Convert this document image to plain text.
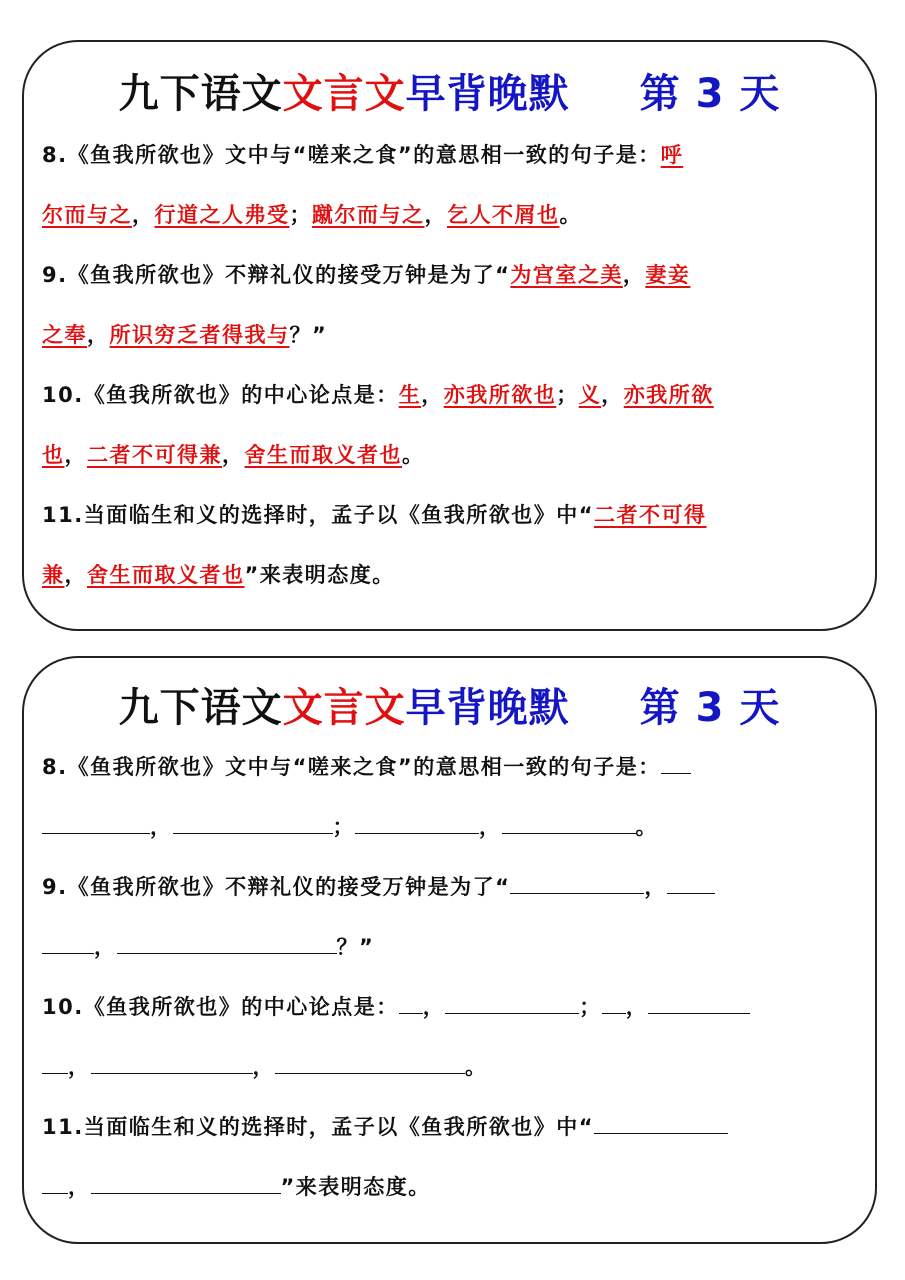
九下语文文言文早背晚默 第 3 天
8.《鱼我所欲也》文中与“嗟来之食”的意思相一致的句子是：呼
尔而与之，行道之人弗受；蹴尔而与之，乞人不屑也。
9.《鱼我所欲也》不辩礼仪的接受万钟是为了“为宫室之美，妻妾
之奉，所识穷乏者得我与？”
10.《鱼我所欲也》的中心论点是：生，亦我所欲也；义，亦我所欲
也，二者不可得兼，舍生而取义者也。
11.当面临生和义的选择时，孟子以《鱼我所欲也》中“二者不可得
兼，舍生而取义者也”来表明态度。
九下语文文言文早背晚默 第 3 天
8.《鱼我所欲也》文中与“嗟来之食”的意思相一致的句子是：
，	；	，	。
9.《鱼我所欲也》不辩礼仪的接受万钟是为了“	，
，	？”
10.《鱼我所欲也》的中心论点是： ，	； ，
，	，	。
11.当面临生和义的选择时，孟子以《鱼我所欲也》中“
，	”来表明态度。
